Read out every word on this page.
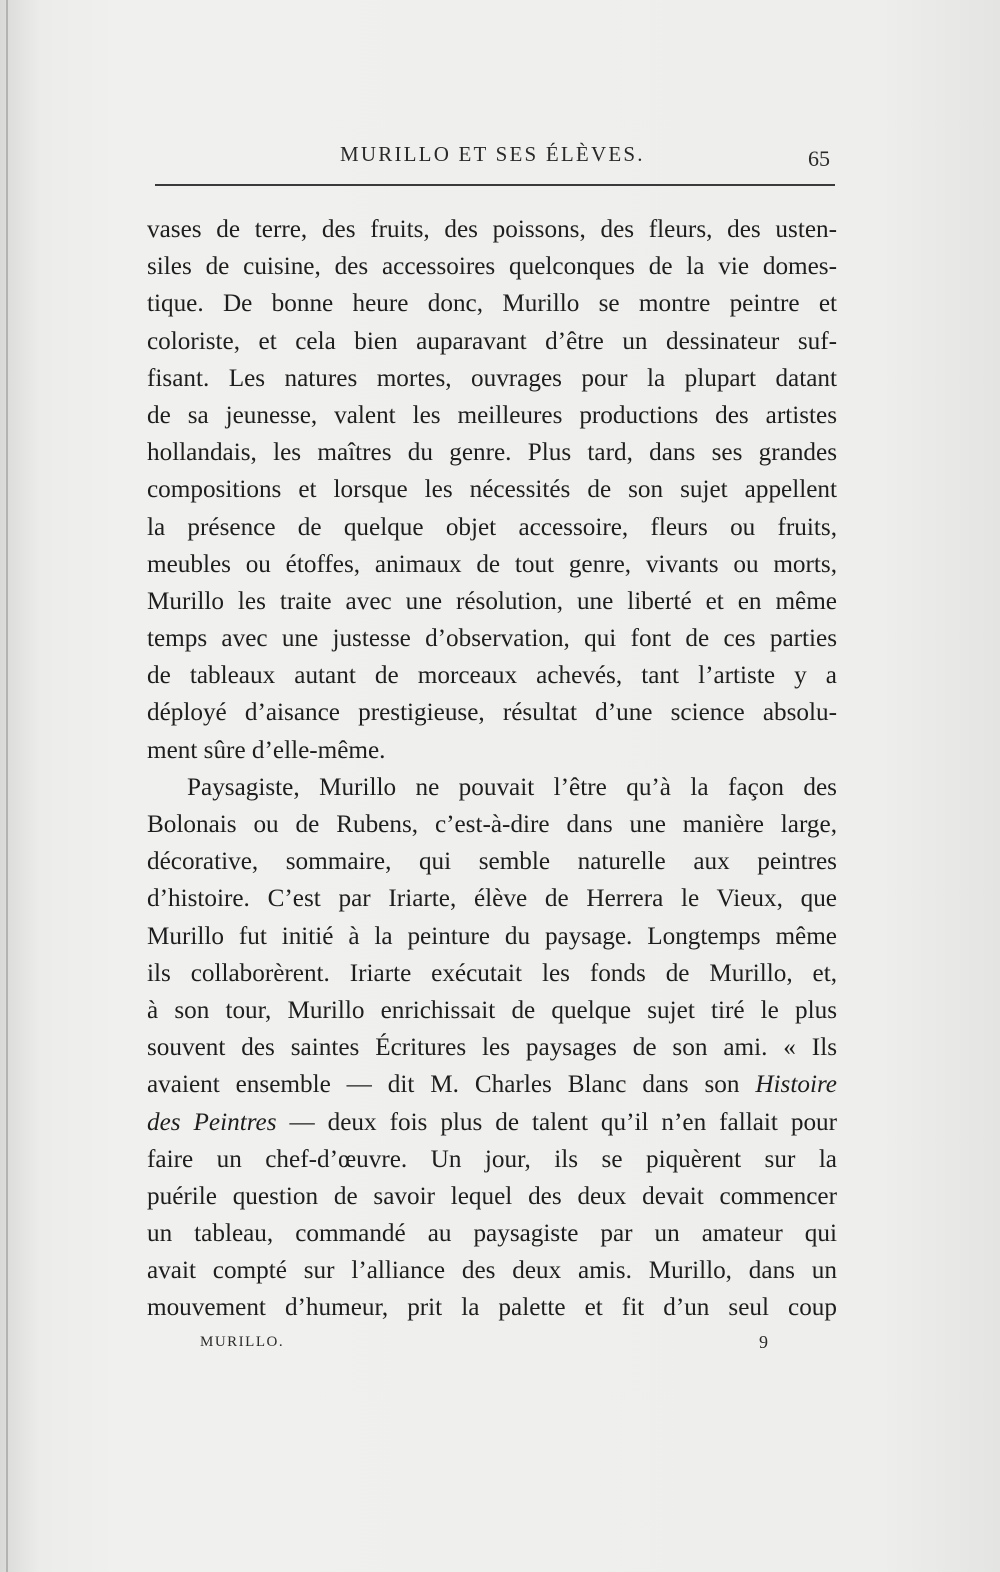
MURILLO ET SES ÉLÈVES.	65
vases de terre, des fruits, des poissons, des fleurs, des usten-
siles de cuisine, des accessoires quelconques de la vie domes-
tique. De bonne heure donc, Murillo se montre peintre et
coloriste, et cela bien auparavant d’être un dessinateur suf-
fisant. Les natures mortes, ouvrages pour la plupart datant
de sa jeunesse, valent les meilleures productions des artistes
hollandais, les maîtres du genre. Plus tard, dans ses grandes
compositions et lorsque les nécessités de son sujet appellent
la présence de quelque objet accessoire, fleurs ou fruits,
meubles ou étoffes, animaux de tout genre, vivants ou morts,
Murillo les traite avec une résolution, une liberté et en même
temps avec une justesse d’observation, qui font de ces parties
de tableaux autant de morceaux achevés, tant l’artiste y a
déployé d’aisance prestigieuse, résultat d’une science absolu-
ment sûre d’elle-même.
Paysagiste, Murillo ne pouvait l’être qu’à la façon des
Bolonais ou de Rubens, c’est-à-dire dans une manière large,
décorative, sommaire, qui semble naturelle aux peintres
d’histoire. C’est par Iriarte, élève de Herrera le Vieux, que
Murillo fut initié à la peinture du paysage. Longtemps même
ils collaborèrent. Iriarte exécutait les fonds de Murillo, et,
à son tour, Murillo enrichissait de quelque sujet tiré le plus
souvent des saintes Écritures les paysages de son ami. « Ils
avaient ensemble — dit M. Charles Blanc dans son Histoire
des Peintres — deux fois plus de talent qu’il n’en fallait pour
faire un chef-d’œuvre. Un jour, ils se piquèrent sur la
puérile question de savoir lequel des deux devait commencer
un tableau, commandé au paysagiste par un amateur qui
avait compté sur l’alliance des deux amis. Murillo, dans un
mouvement d’humeur, prit la palette et fit d’un seul coup
MURILLO.	9
